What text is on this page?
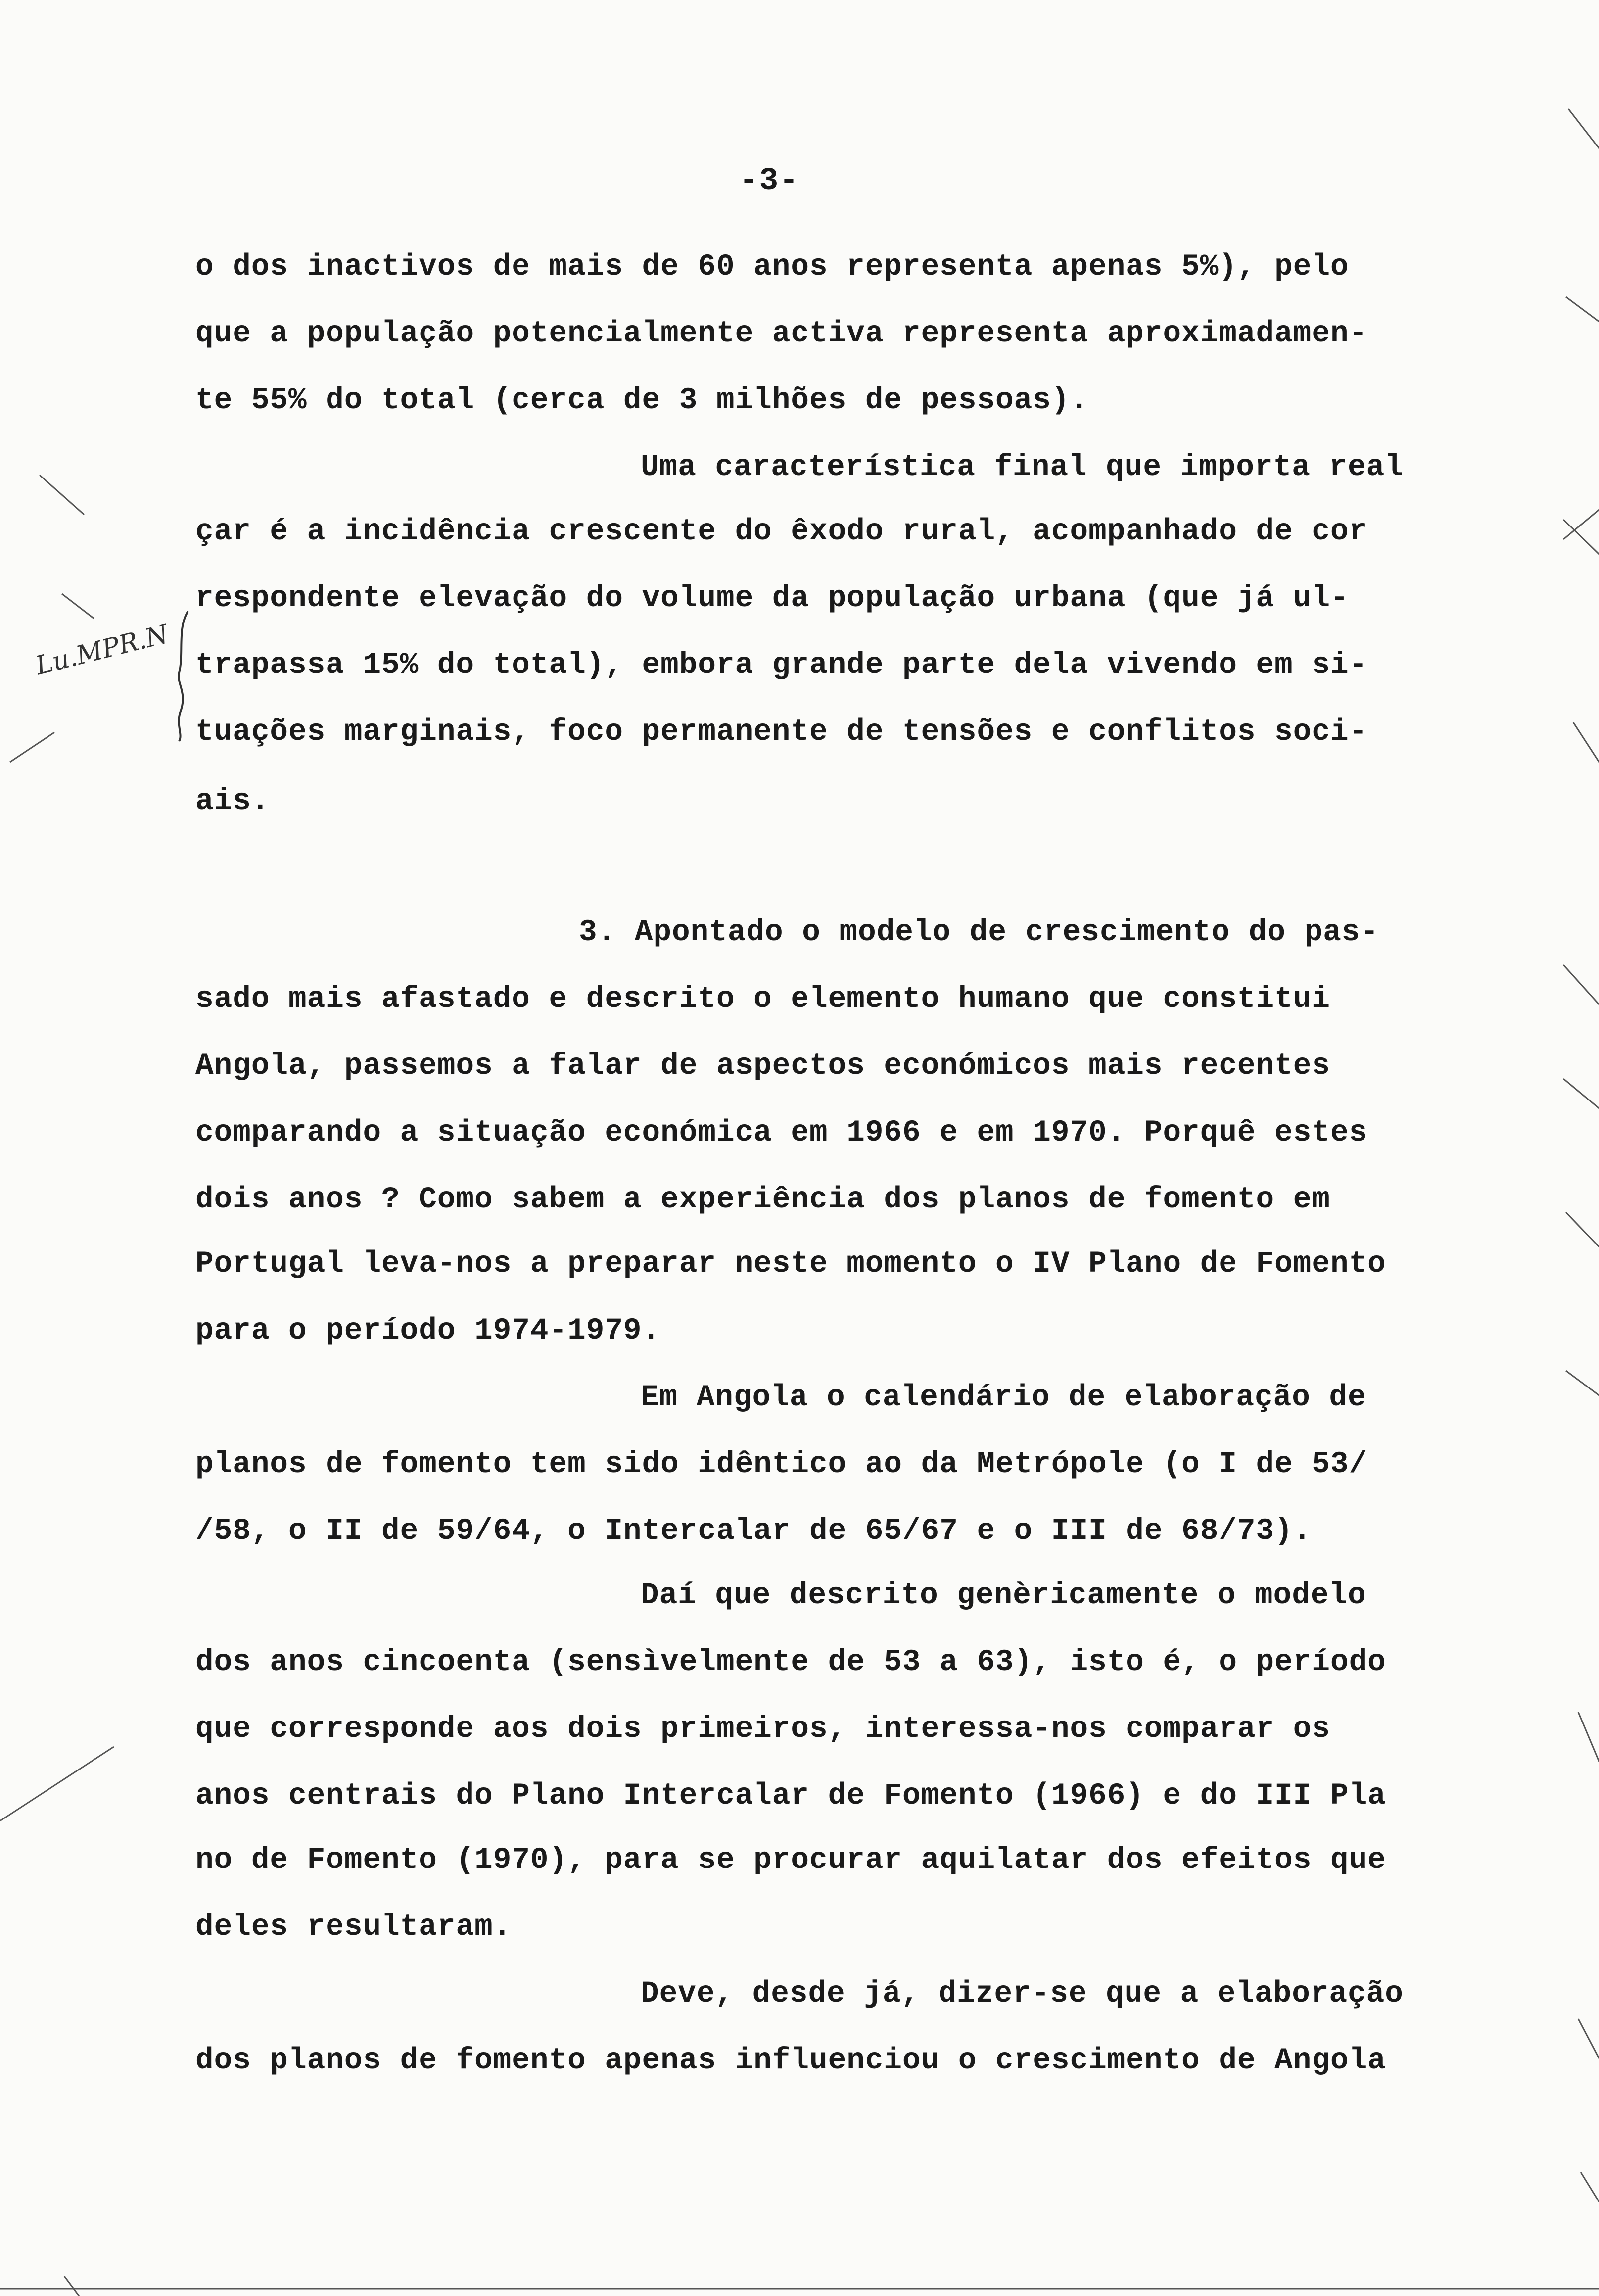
Lu.MPR.N
-3-
o dos inactivos de mais de 60 anos representa apenas 5%), pelo
que a população potencialmente activa representa aproximadamen-
te 55% do total (cerca de 3 milhões de pessoas).
Uma característica final que importa real
çar é a incidência crescente do êxodo rural, acompanhado de cor
respondente elevação do volume da população urbana (que já ul-
trapassa 15% do total), embora grande parte dela vivendo em si-
tuações marginais, foco permanente de tensões e conflitos soci-
ais.
3. Apontado o modelo de crescimento do pas-
sado mais afastado e descrito o elemento humano que constitui
Angola, passemos a falar de aspectos económicos mais recentes
comparando a situação económica em 1966 e em 1970. Porquê estes
dois anos ? Como sabem a experiência dos planos de fomento em
Portugal leva-nos a preparar neste momento o IV Plano de Fomento
para o período 1974-1979.
Em Angola o calendário de elaboração de
planos de fomento tem sido idêntico ao da Metrópole (o I de 53/
/58, o II de 59/64, o Intercalar de 65/67 e o III de 68/73).
Daí que descrito genèricamente o modelo
dos anos cincoenta (sensìvelmente de 53 a 63), isto é, o período
que corresponde aos dois primeiros, interessa-nos comparar os
anos centrais do Plano Intercalar de Fomento (1966) e do III Pla
no de Fomento (1970), para se procurar aquilatar dos efeitos que
deles resultaram.
Deve, desde já, dizer-se que a elaboração
dos planos de fomento apenas influenciou o crescimento de Angola
